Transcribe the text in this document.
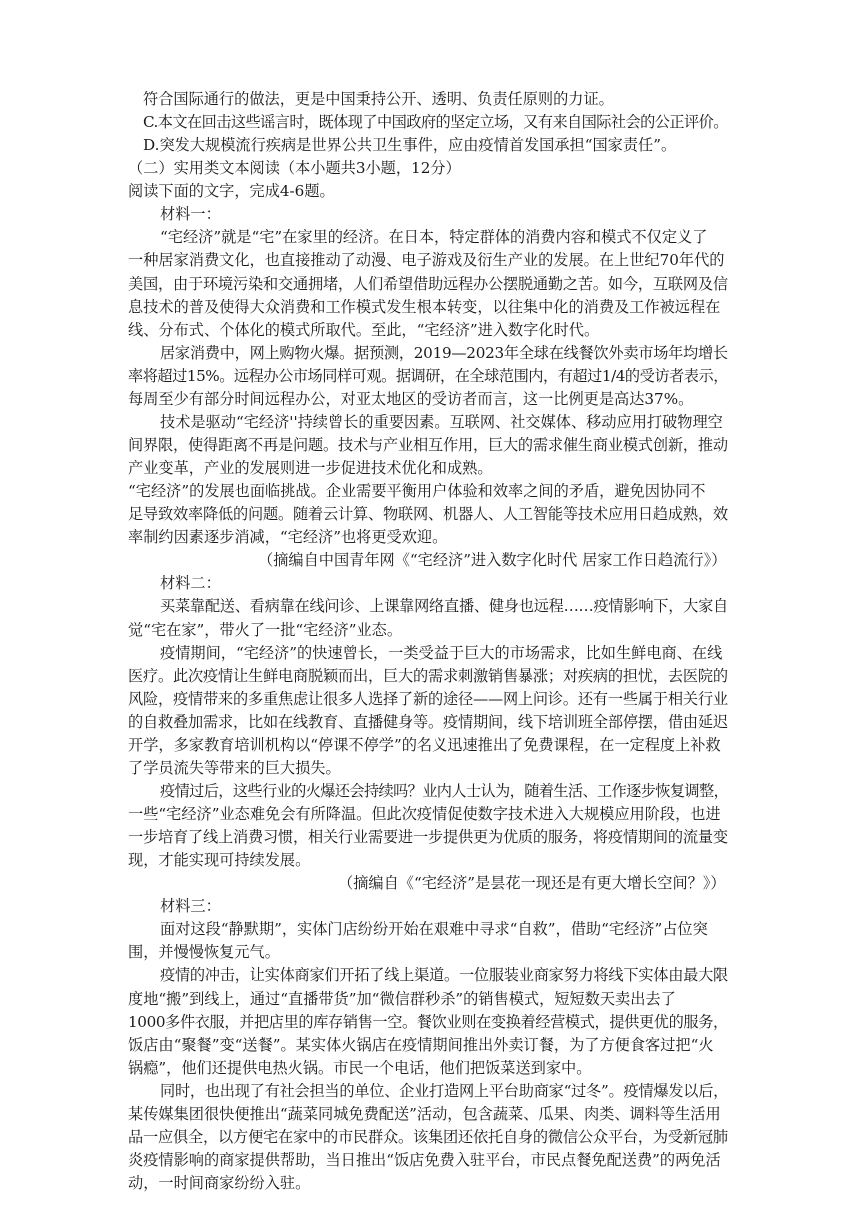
符合国际通行的做法，更是中国秉持公开、透明、负责任原则的力证。
C.本文在回击这些谣言时，既体现了中国政府的坚定立场，又有来自国际社会的公正评价。
D.突发大规模流行疾病是世界公共卫生事件，应由疫情首发国承担“国家责任”。
（二）实用类文本阅读（本小题共3小题，12分）
阅读下面的文字，完成4-6题。
材料一：
“宅经济”就是“宅”在家里的经济。在日本，特定群体的消费内容和模式不仅定义了
一种居家消费文化，也直接推动了动漫、电子游戏及衍生产业的发展。在上世纪70年代的
美国，由于环境污染和交通拥堵，人们希望借助远程办公摆脱通勤之苦。如今，互联网及信
息技术的普及使得大众消费和工作模式发生根本转变，以往集中化的消费及工作被远程在
线、分布式、个体化的模式所取代。至此，“宅经济”进入数字化时代。
居家消费中，网上购物火爆。据预测，2019—2023年全球在线餐饮外卖市场年均增长
率将超过15%。远程办公市场同样可观。据调研，在全球范围内，有超过1/4的受访者表示，
每周至少有部分时间远程办公，对亚太地区的受访者而言，这一比例更是高达37%。
技术是驱动“宅经济''持续曾长的重要因素。互联网、社交媒体、移动应用打破物理空
间界限，使得距离不再是问题。技术与产业相互作用，巨大的需求催生商业模式创新，推动
产业变革，产业的发展则进一步促进技术优化和成熟。
“宅经济”的发展也面临挑战。企业需要平衡用户体验和效率之间的矛盾，避免因协同不
足导致效率降低的问题。随着云计算、物联网、机器人、人工智能等技术应用日趋成熟，效
率制约因素逐步消减，“宅经济”也将更受欢迎。
（摘编自中国青年网《“宅经济”进入数字化时代 居家工作日趋流行》）
材料二：
买菜靠配送、看病靠在线问诊、上课靠网络直播、健身也远程……疫情影响下，大家自
觉“宅在家”，带火了一批“宅经济”业态。
疫情期间，“宅经济”的快速曾长，一类受益于巨大的市场需求，比如生鲜电商、在线
医疗。此次疫情让生鲜电商脱颖而出，巨大的需求刺激销售暴涨；对疾病的担忧，去医院的
风险，疫情带来的多重焦虑让很多人选择了新的途径——网上问诊。还有一些属于相关行业
的自救叠加需求，比如在线教育、直播健身等。疫情期间，线下培训班全部停摆，借由延迟
开学，多家教育培训机构以“停课不停学”的名义迅速推出了免费课程，在一定程度上补救
了学员流失等带来的巨大损失。
疫情过后，这些行业的火爆还会持续吗？业内人士认为，随着生活、工作逐步恢复调整，
一些“宅经济”业态难免会有所降温。但此次疫情促使数字技术进入大规模应用阶段，也进
一步培育了线上消费习惯，相关行业需要进一步提供更为优质的服务，将疫情期间的流量变
现，才能实现可持续发展。
（摘编自《“宅经济”是昙花一现还是有更大增长空间？》）
材料三：
面对这段“静默期”，实体门店纷纷开始在艰难中寻求“自救”，借助“宅经济”占位突
围，并慢慢恢复元气。
疫情的冲击，让实体商家们开拓了线上渠道。一位服装业商家努力将线下实体由最大限
度地“搬”到线上，通过“直播带货”加“微信群秒杀”的销售模式，短短数天卖出去了
1000多件衣服，并把店里的库存销售一空。餐饮业则在变换着经营模式，提供更优的服务，
饭店由“聚餐”变“送餐”。某实体火锅店在疫情期间推出外卖订餐，为了方便食客过把“火
锅瘾”，他们还提供电热火锅。市民一个电话，他们把饭菜送到家中。
同时，也出现了有社会担当的单位、企业打造网上平台助商家“过冬”。疫情爆发以后，
某传媒集团很快便推出“蔬菜同城免费配送”活动，包含蔬菜、瓜果、肉类、调料等生活用
品一应俱全，以方便宅在家中的市民群众。该集团还依托自身的微信公众平台，为受新冠肺
炎疫情影响的商家提供帮助，当日推出“饭店免费入驻平台，市民点餐免配送费”的两免活
动，一时间商家纷纷入驻。
